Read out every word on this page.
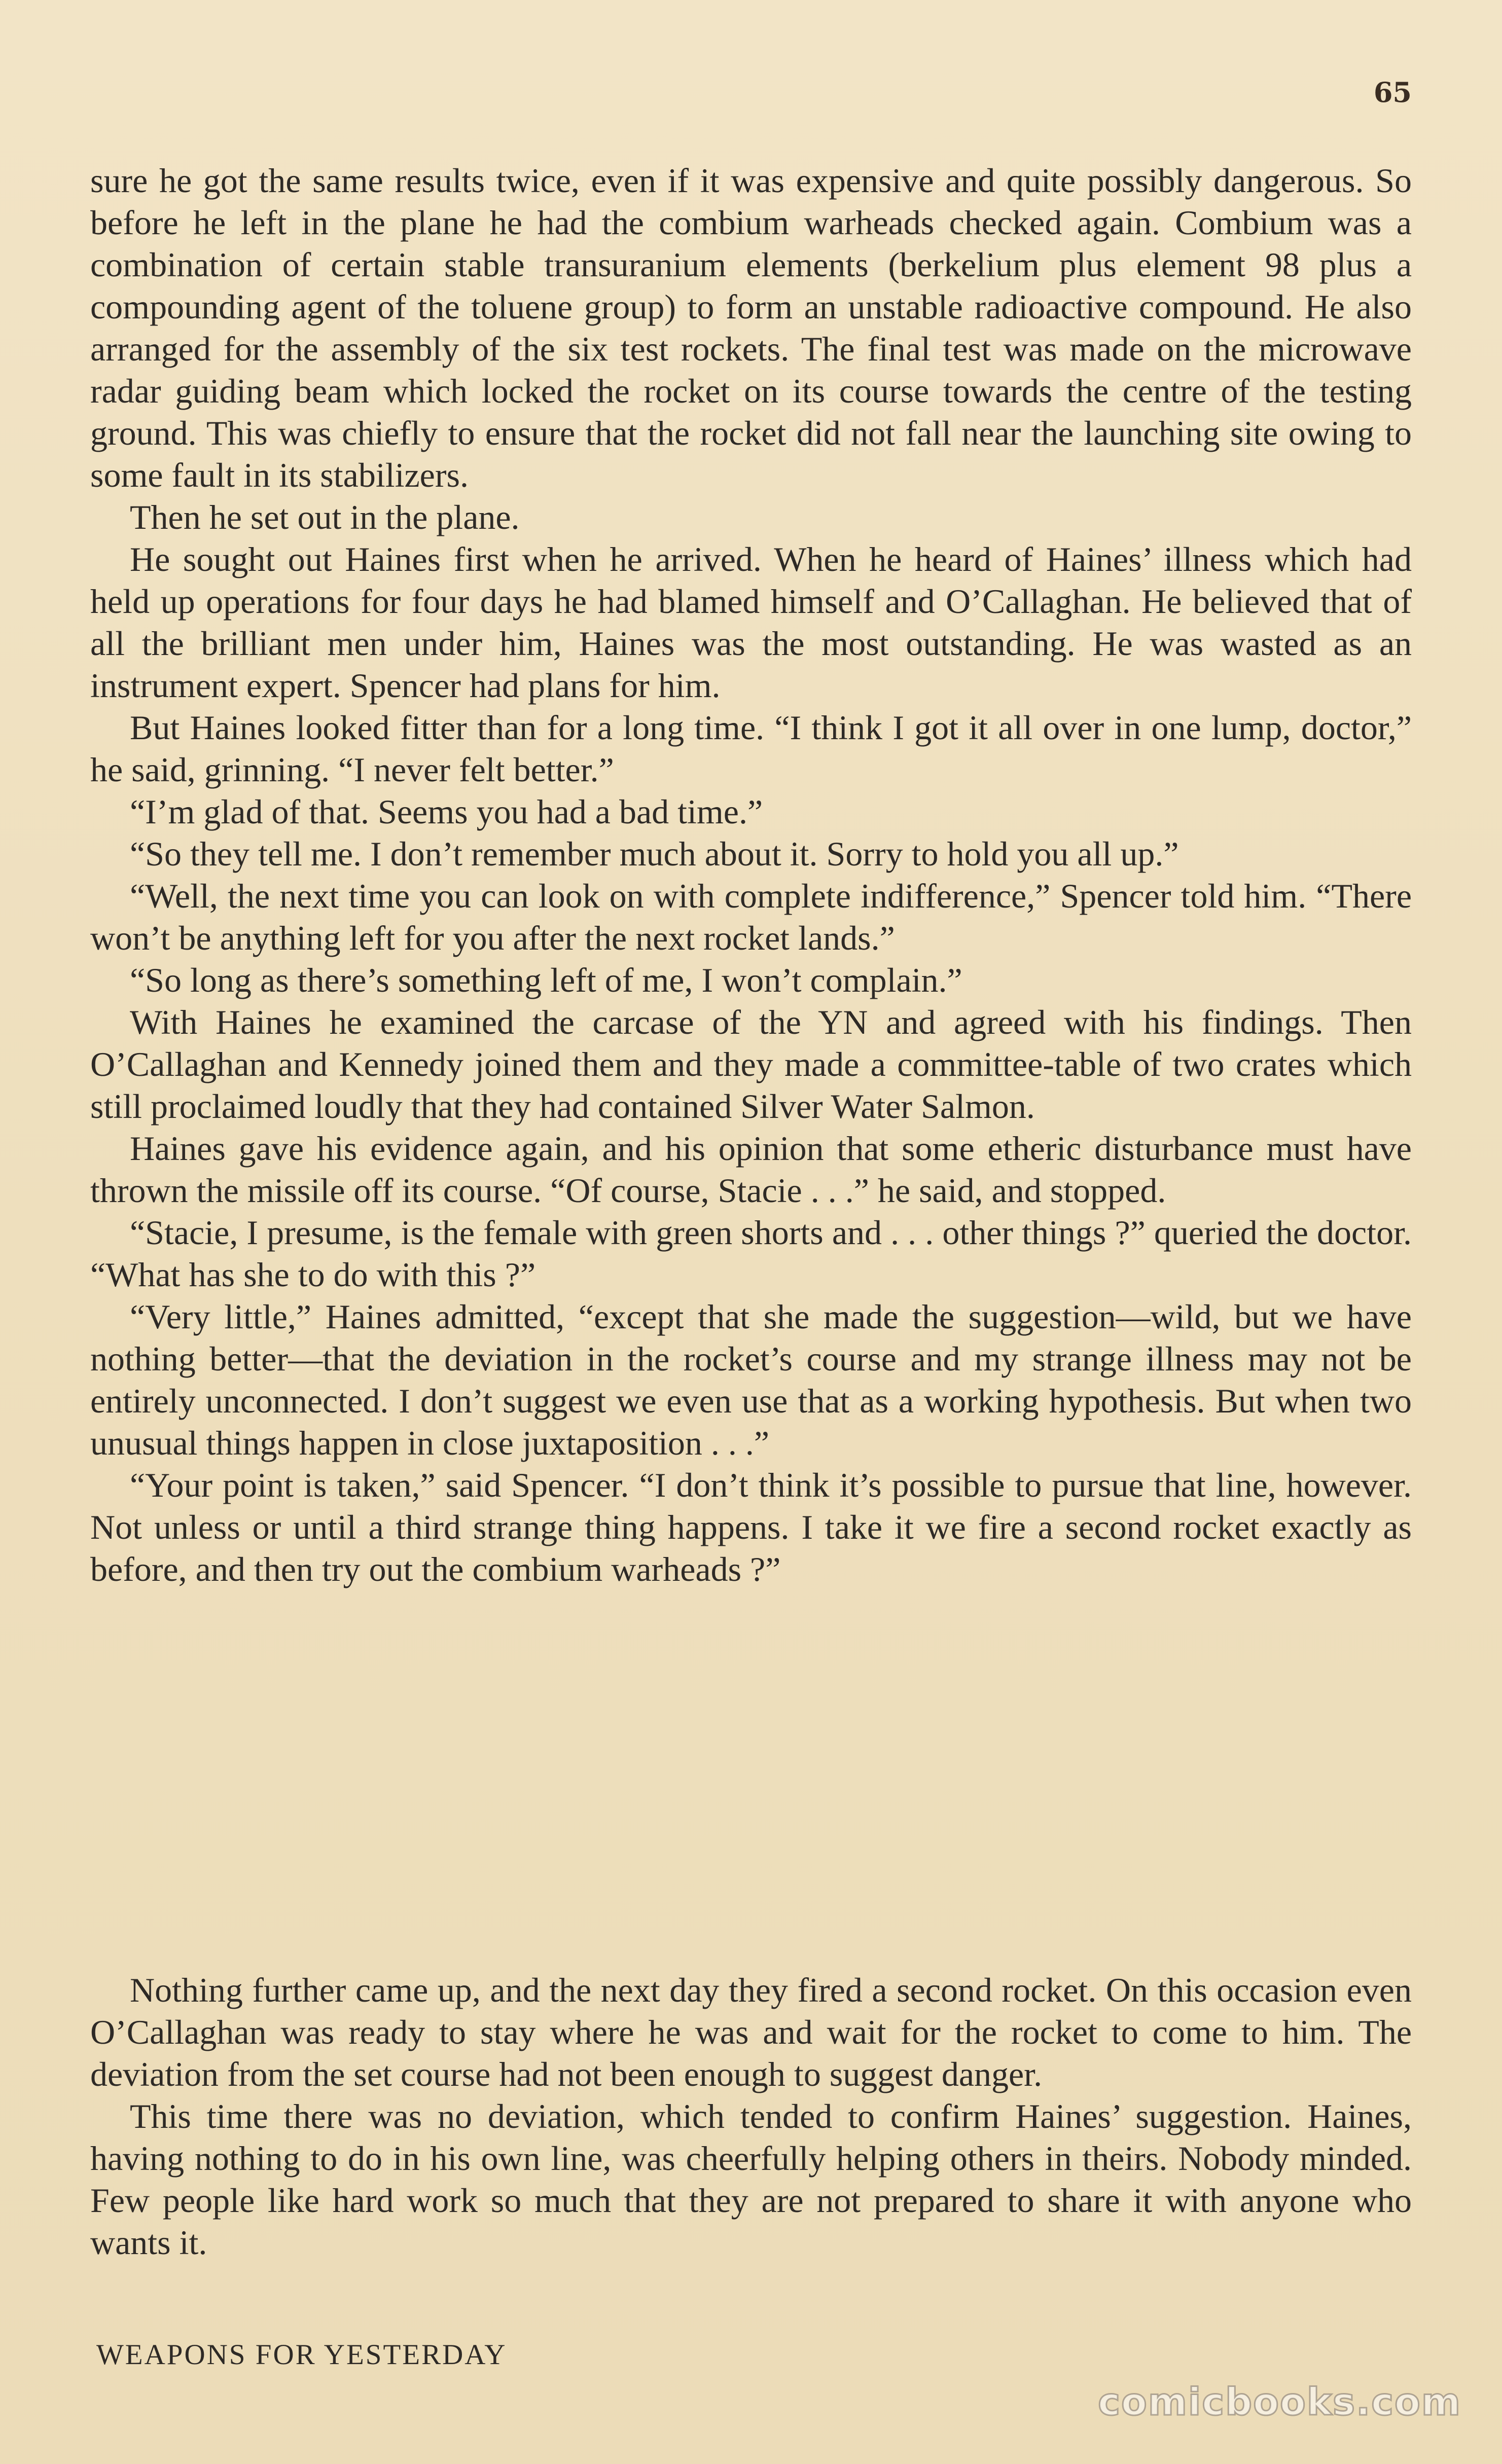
65

sure he got the same results twice, even if it was expensive and quite possibly dangerous. So before he left in the plane he had the combium warheads checked again. Combium was a combination of certain stable transuranium elements (berkelium plus element 98 plus a compounding agent of the toluene group) to form an unstable radioactive compound. He also arranged for the assembly of the six test rockets. The final test was made on the microwave radar guiding beam which locked the rocket on its course towards the centre of the testing ground. This was chiefly to ensure that the rocket did not fall near the launching site owing to some fault in its stabilizers.

Then he set out in the plane.

He sought out Haines first when he arrived. When he heard of Haines’ illness which had held up operations for four days he had blamed himself and O’Callaghan. He believed that of all the brilliant men under him, Haines was the most outstanding. He was wasted as an instrument expert. Spencer had plans for him.

But Haines looked fitter than for a long time. “I think I got it all over in one lump, doctor,” he said, grinning. “I never felt better.”

“I’m glad of that. Seems you had a bad time.”

“So they tell me. I don’t remember much about it. Sorry to hold you all up.”

“Well, the next time you can look on with complete indifference,” Spencer told him. “There won’t be anything left for you after the next rocket lands.”

“So long as there’s something left of me, I won’t complain.”

With Haines he examined the carcase of the YN and agreed with his findings. Then O’Callaghan and Kennedy joined them and they made a committee-table of two crates which still proclaimed loudly that they had contained Silver Water Salmon.

Haines gave his evidence again, and his opinion that some etheric disturbance must have thrown the missile off its course. “Of course, Stacie . . .” he said, and stopped.

“Stacie, I presume, is the female with green shorts and . . . other things ?” queried the doctor. “What has she to do with this ?”

“Very little,” Haines admitted, “except that she made the suggestion—wild, but we have nothing better—that the deviation in the rocket’s course and my strange illness may not be entirely unconnected. I don’t suggest we even use that as a working hypothesis. But when two unusual things happen in close juxtaposition . . .”

“Your point is taken,” said Spencer. “I don’t think it’s possible to pursue that line, however. Not unless or until a third strange thing happens. I take it we fire a second rocket exactly as before, and then try out the combium warheads ?”

Nothing further came up, and the next day they fired a second rocket. On this occasion even O’Callaghan was ready to stay where he was and wait for the rocket to come to him. The deviation from the set course had not been enough to suggest danger.

This time there was no deviation, which tended to confirm Haines’ suggestion. Haines, having nothing to do in his own line, was cheerfully helping others in theirs. Nobody minded. Few people like hard work so much that they are not prepared to share it with anyone who wants it.

WEAPONS FOR YESTERDAY
comicbooks.com
